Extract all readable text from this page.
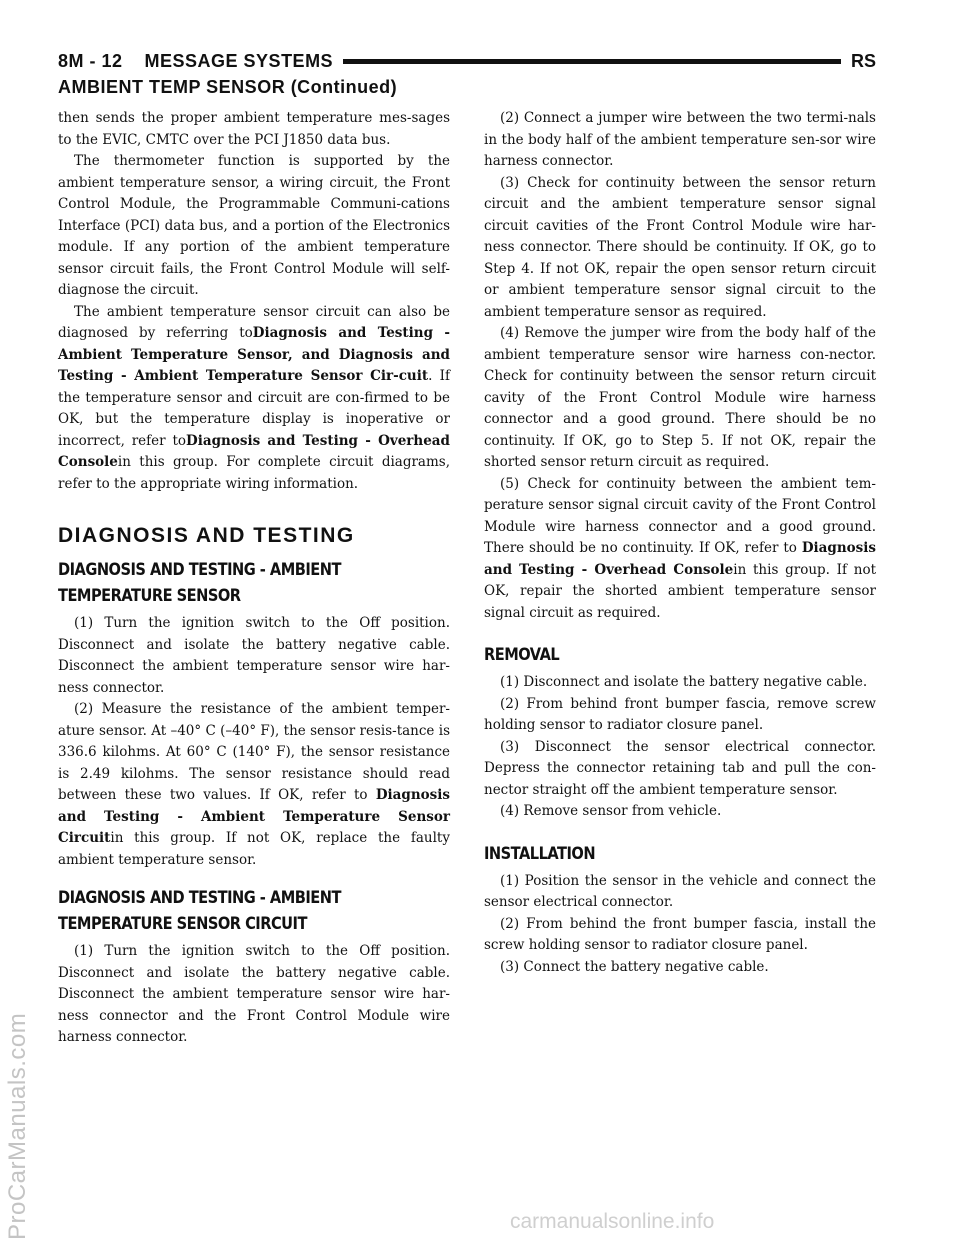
8M - 12    MESSAGE SYSTEMS	RS
AMBIENT TEMP SENSOR (Continued)

then sends the proper ambient temperature mes-sages to the EVIC, CMTC over the PCI J1850 data bus.

The thermometer function is supported by the ambient temperature sensor, a wiring circuit, the Front Control Module, the Programmable Communi-cations Interface (PCI) data bus, and a portion of the Electronics module. If any portion of the ambient temperature sensor circuit fails, the Front Control Module will self-diagnose the circuit.

The ambient temperature sensor circuit can also be diagnosed by referring toDiagnosis and Testing - Ambient Temperature Sensor, and Diagnosis and Testing - Ambient Temperature Sensor Cir-cuit. If the temperature sensor and circuit are con-firmed to be OK, but the temperature display is inoperative or incorrect, refer toDiagnosis and Testing - Overhead Consolein this group. For complete circuit diagrams, refer to the appropriate wiring information.

DIAGNOSIS AND TESTING
DIAGNOSIS AND TESTING - AMBIENT TEMPERATURE SENSOR

(1) Turn the ignition switch to the Off position. Disconnect and isolate the battery negative cable. Disconnect the ambient temperature sensor wire har-ness connector.

(2) Measure the resistance of the ambient temper-ature sensor. At –40° C (–40° F), the sensor resis-tance is 336.6 kilohms. At 60° C (140° F), the sensor resistance is 2.49 kilohms. The sensor resistance should read between these two values. If OK, refer to Diagnosis and Testing - Ambient Temperature Sensor Circuitin this group. If not OK, replace the faulty ambient temperature sensor.

DIAGNOSIS AND TESTING - AMBIENT TEMPERATURE SENSOR CIRCUIT

(1) Turn the ignition switch to the Off position. Disconnect and isolate the battery negative cable. Disconnect the ambient temperature sensor wire har-ness connector and the Front Control Module wire harness connector.

(2) Connect a jumper wire between the two termi-nals in the body half of the ambient temperature sen-sor wire harness connector.

(3) Check for continuity between the sensor return circuit and the ambient temperature sensor signal circuit cavities of the Front Control Module wire har-ness connector. There should be continuity. If OK, go to Step 4. If not OK, repair the open sensor return circuit or ambient temperature sensor signal circuit to the ambient temperature sensor as required.

(4) Remove the jumper wire from the body half of the ambient temperature sensor wire harness con-nector. Check for continuity between the sensor return circuit cavity of the Front Control Module wire harness connector and a good ground. There should be no continuity. If OK, go to Step 5. If not OK, repair the shorted sensor return circuit as required.

(5) Check for continuity between the ambient tem-perature sensor signal circuit cavity of the Front Control Module wire harness connector and a good ground. There should be no continuity. If OK, refer to Diagnosis and Testing - Overhead Consolein this group. If not OK, repair the shorted ambient temperature sensor signal circuit as required.

REMOVAL

(1) Disconnect and isolate the battery negative cable.

(2) From behind front bumper fascia, remove screw holding sensor to radiator closure panel.

(3) Disconnect the sensor electrical connector. Depress the connector retaining tab and pull the con-nector straight off the ambient temperature sensor.

(4) Remove sensor from vehicle.

INSTALLATION

(1) Position the sensor in the vehicle and connect the sensor electrical connector.

(2) From behind the front bumper fascia, install the screw holding sensor to radiator closure panel.

(3) Connect the battery negative cable.

ProCarManuals.com	carmanualsonline.info
